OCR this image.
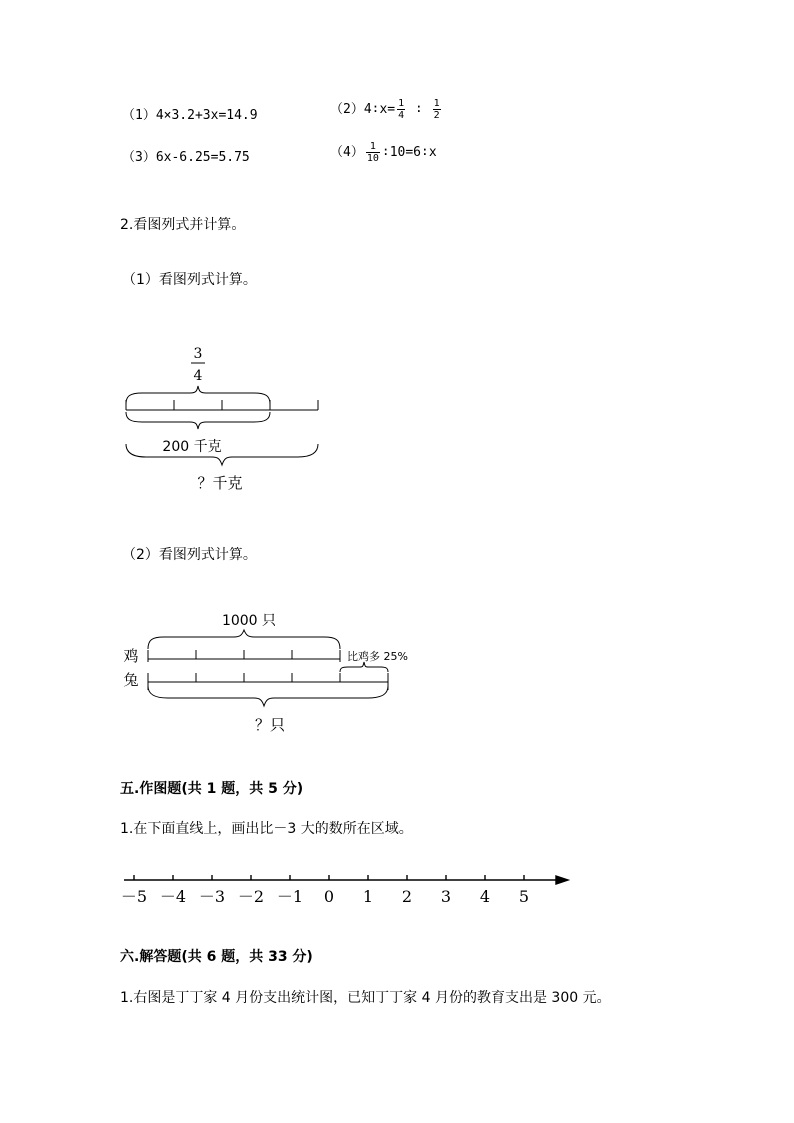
（1）4×3.2+3x=14.9	（2）4∶x= $\frac{1}{4}$ ∶ $\frac{1}{2}$
（3）6x-6.25=5.75	$(4) \frac{1}{10}$ ∶10=6∶x
2.看图列式并计算。
（1）看图列式计算。
3
4
200 千克
？千克
1000 只
鸡
兔
比鸡多 25%
？只
－5 －4 －3 －2 －1 0 1 2 3 4 5
（2）看图列式计算。
五.作图题(共 1 题，共 5 分)
1.在下面直线上，画出比－3 大的数所在区域。
六.解答题(共 6 题，共 33 分)
1.右图是丁丁家 4 月份支出统计图，已知丁丁家 4 月份的教育支出是 300 元。
